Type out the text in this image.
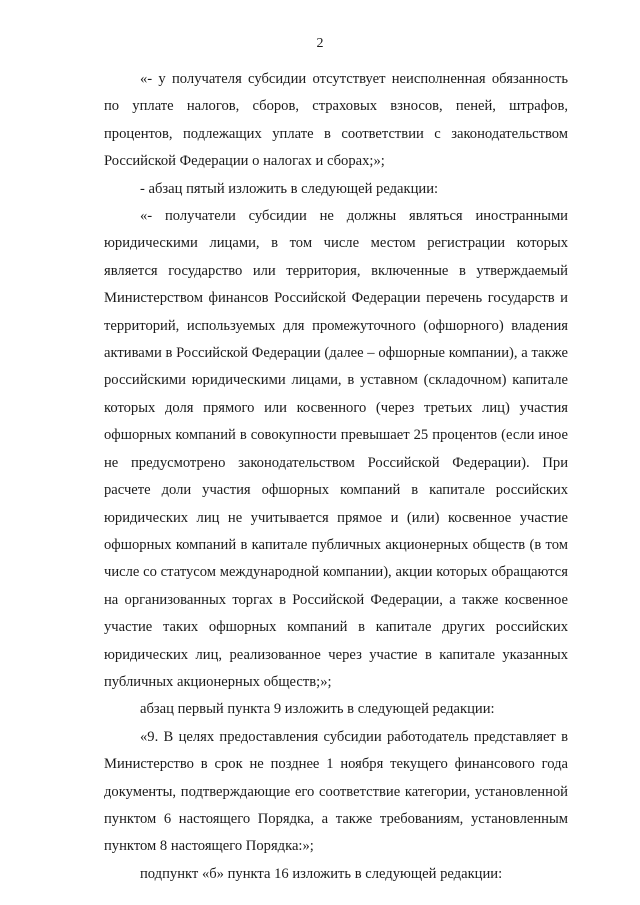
2

«- у получателя субсидии отсутствует неисполненная обязанность по уплате налогов, сборов, страховых взносов, пеней, штрафов, процентов, подлежащих уплате в соответствии с законодательством Российской Федерации о налогах и сборах;»;

- абзац пятый изложить в следующей редакции:

«- получатели субсидии не должны являться иностранными юридическими лицами, в том числе местом регистрации которых является государство или территория, включенные в утверждаемый Министерством финансов Российской Федерации перечень государств и территорий, используемых для промежуточного (офшорного) владения активами в Российской Федерации (далее – офшорные компании), а также российскими юридическими лицами, в уставном (складочном) капитале которых доля прямого или косвенного (через третьих лиц) участия офшорных компаний в совокупности превышает 25 процентов (если иное не предусмотрено законодательством Российской Федерации). При расчете доли участия офшорных компаний в капитале российских юридических лиц не учитывается прямое и (или) косвенное участие офшорных компаний в капитале публичных акционерных обществ (в том числе со статусом международной компании), акции которых обращаются на организованных торгах в Российской Федерации, а также косвенное участие таких офшорных компаний в капитале других российских юридических лиц, реализованное через участие в капитале указанных публичных акционерных обществ;»;

абзац первый пункта 9 изложить в следующей редакции:

«9. В целях предоставления субсидии работодатель представляет в Министерство в срок не позднее 1 ноября текущего финансового года документы, подтверждающие его соответствие категории, установленной пунктом 6 настоящего Порядка, а также требованиям, установленным пунктом 8 настоящего Порядка:»;

подпункт «б» пункта 16 изложить в следующей редакции:
